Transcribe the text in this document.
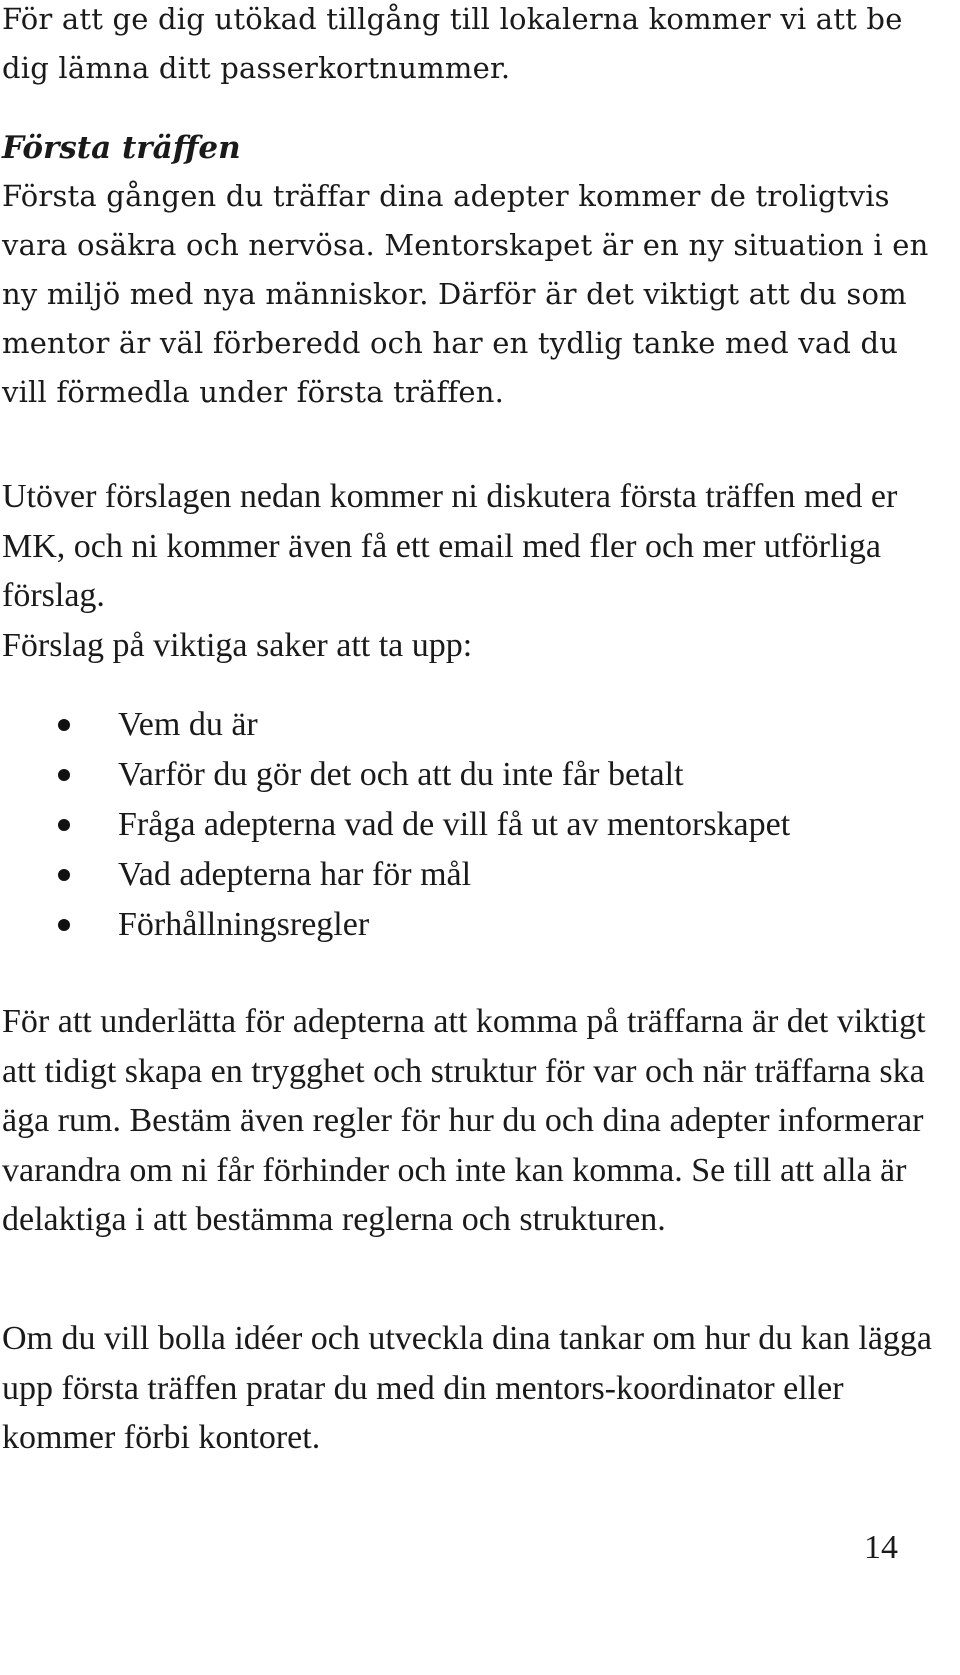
För att ge dig utökad tillgång till lokalerna kommer vi att be dig lämna ditt passerkortnummer.

Första träffen

Första gången du träffar dina adepter kommer de troligtvis vara osäkra och nervösa. Mentorskapet är en ny situation i en ny miljö med nya människor. Därför är det viktigt att du som mentor är väl förberedd och har en tydlig tanke med vad du vill förmedla under första träffen.

Utöver förslagen nedan kommer ni diskutera första träffen med er MK, och ni kommer även få ett email med fler och mer utförliga förslag.

Förslag på viktiga saker att ta upp:

Vem du är
Varför du gör det och att du inte får betalt
Fråga adepterna vad de vill få ut av mentorskapet
Vad adepterna har för mål
Förhållningsregler

För att underlätta för adepterna att komma på träffarna är det viktigt att tidigt skapa en trygghet och struktur för var och när träffarna ska äga rum. Bestäm även regler för hur du och dina adepter informerar varandra om ni får förhinder och inte kan komma. Se till att alla är delaktiga i att bestämma reglerna och strukturen.

Om du vill bolla idéer och utveckla dina tankar om hur du kan lägga upp första träffen pratar du med din mentors-koordinator eller kommer förbi kontoret.

14
